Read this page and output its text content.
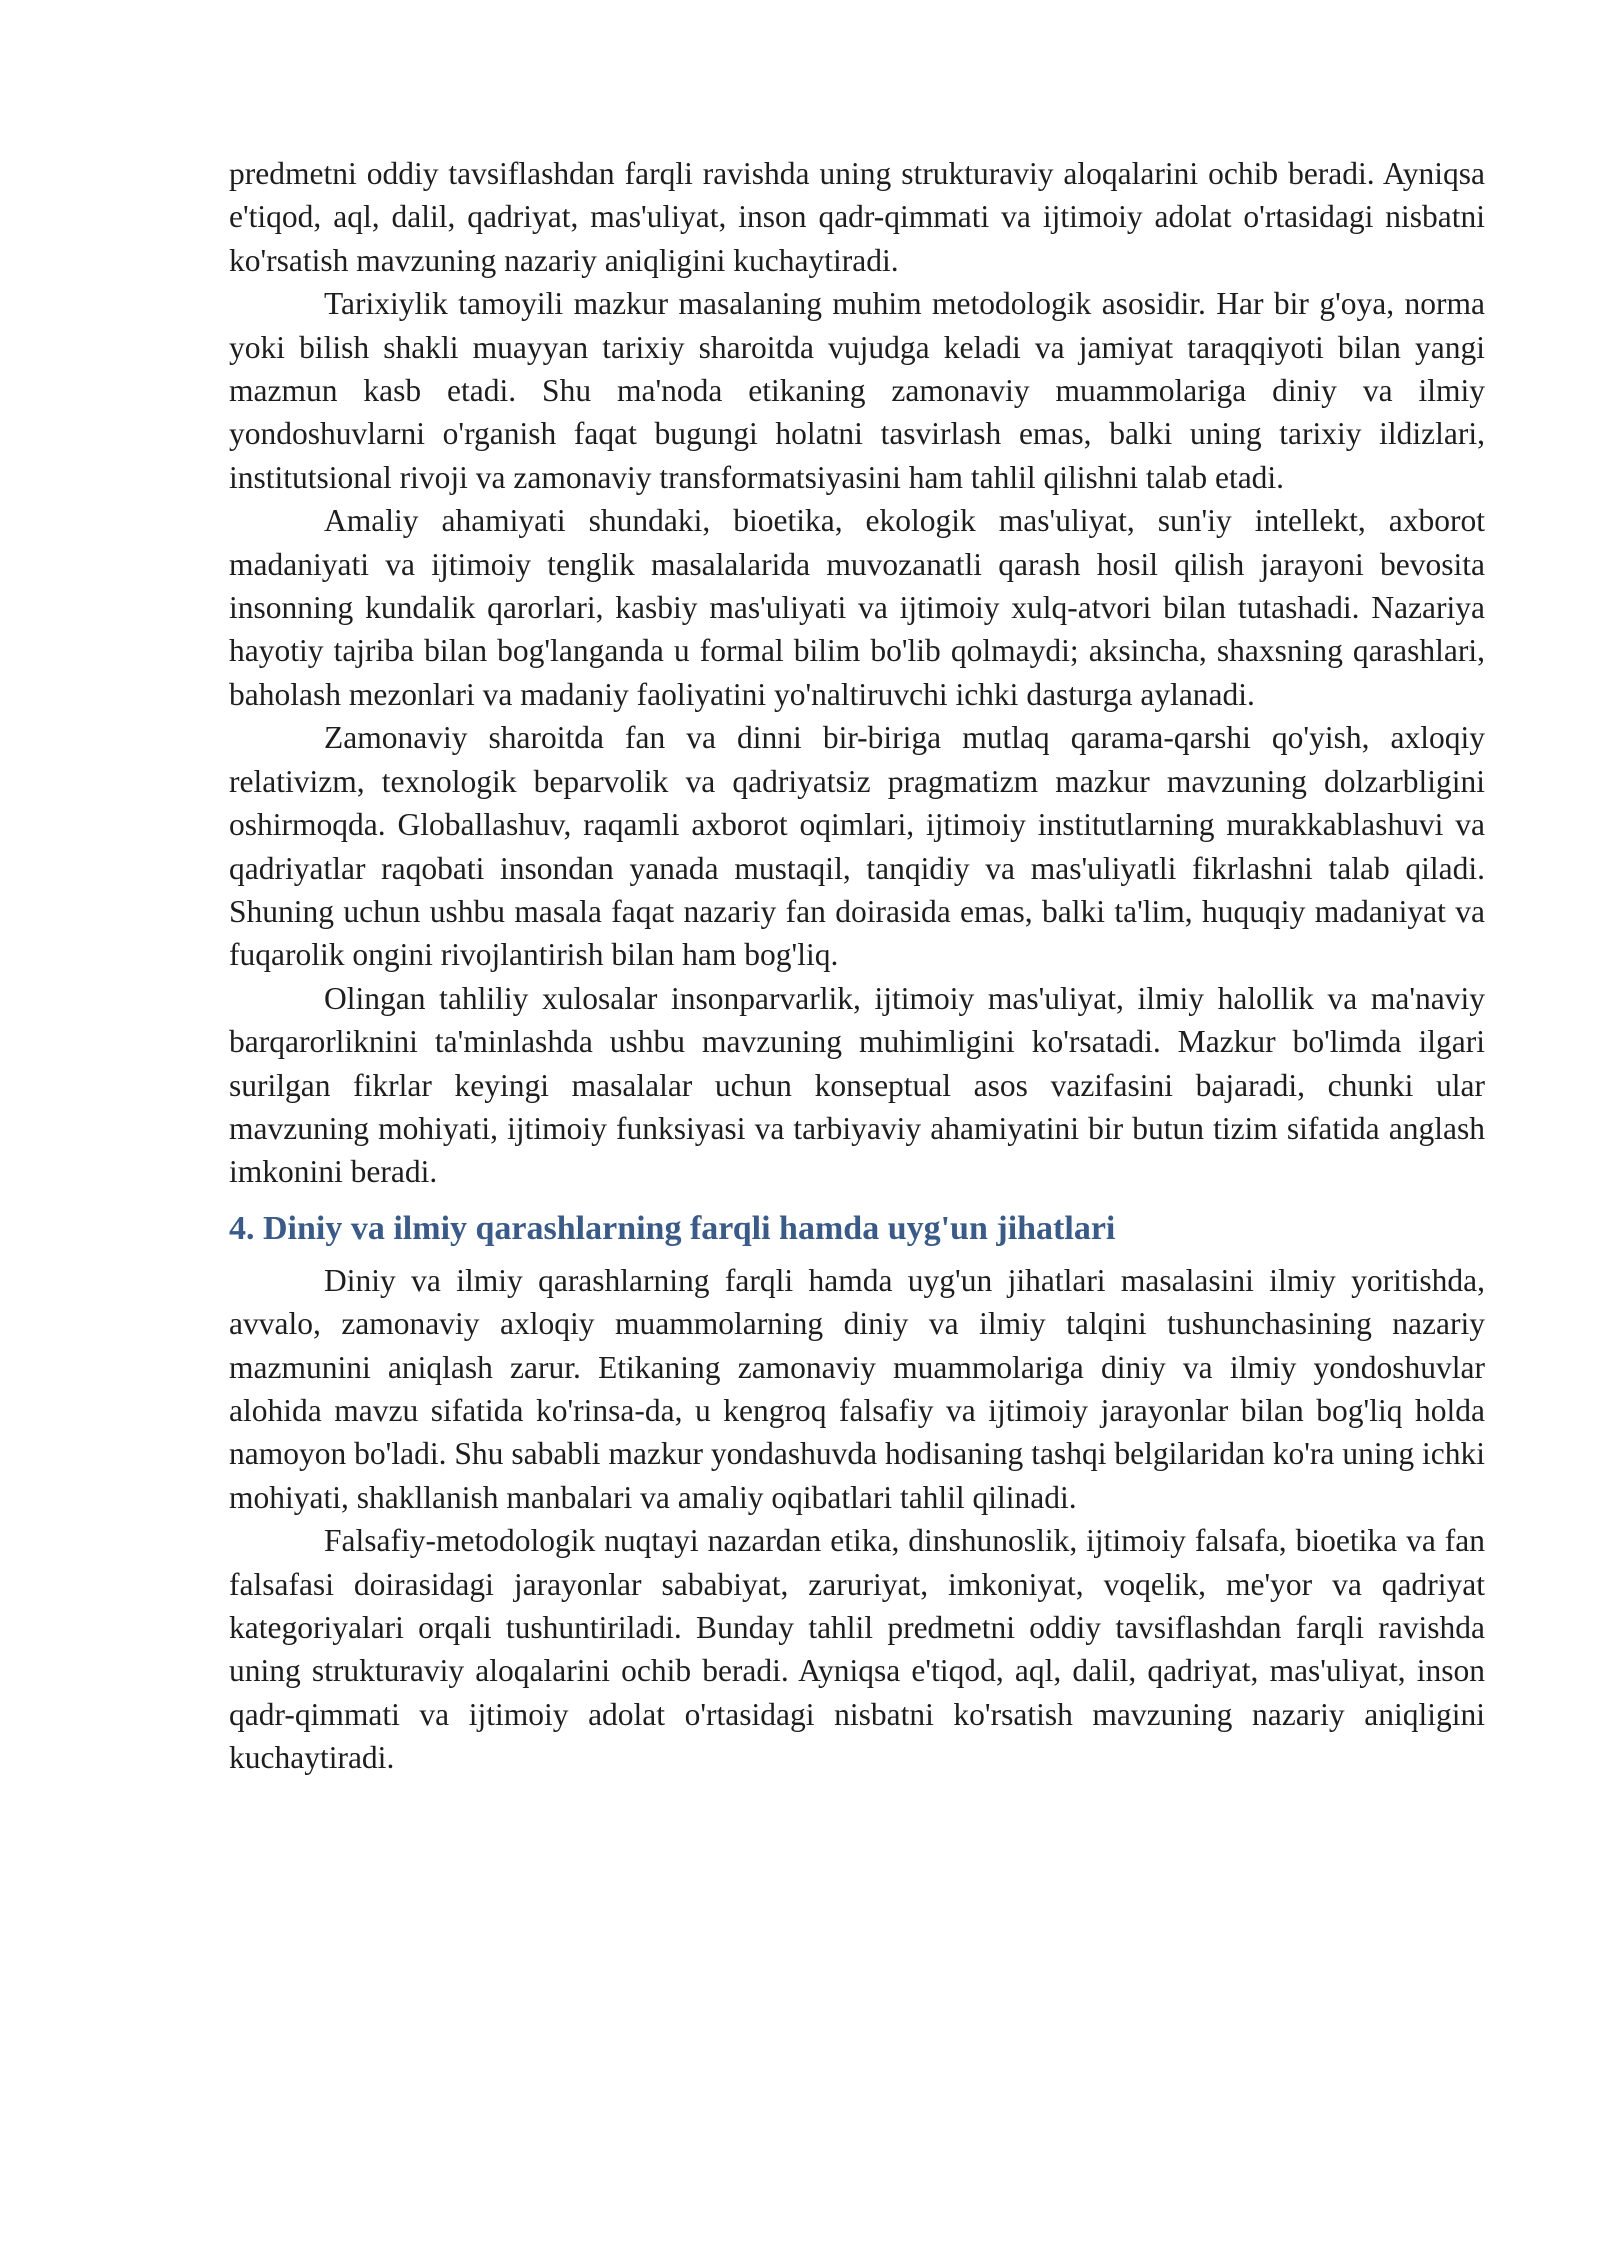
predmetni oddiy tavsiflashdan farqli ravishda uning strukturaviy aloqalarini ochib beradi. Ayniqsa e'tiqod, aql, dalil, qadriyat, mas'uliyat, inson qadr-qimmati va ijtimoiy adolat o'rtasidagi nisbatni ko'rsatish mavzuning nazariy aniqligini kuchaytiradi.

Tarixiylik tamoyili mazkur masalaning muhim metodologik asosidir. Har bir g'oya, norma yoki bilish shakli muayyan tarixiy sharoitda vujudga keladi va jamiyat taraqqiyoti bilan yangi mazmun kasb etadi. Shu ma'noda etikaning zamonaviy muammolariga diniy va ilmiy yondoshuvlarni o'rganish faqat bugungi holatni tasvirlash emas, balki uning tarixiy ildizlari, institutsional rivoji va zamonaviy transformatsiyasini ham tahlil qilishni talab etadi.

Amaliy ahamiyati shundaki, bioetika, ekologik mas'uliyat, sun'iy intellekt, axborot madaniyati va ijtimoiy tenglik masalalarida muvozanatli qarash hosil qilish jarayoni bevosita insonning kundalik qarorlari, kasbiy mas'uliyati va ijtimoiy xulq-atvori bilan tutashadi. Nazariya hayotiy tajriba bilan bog'langanda u formal bilim bo'lib qolmaydi; aksincha, shaxsning qarashlari, baholash mezonlari va madaniy faoliyatini yo'naltiruvchi ichki dasturga aylanadi.

Zamonaviy sharoitda fan va dinni bir-biriga mutlaq qarama-qarshi qo'yish, axloqiy relativizm, texnologik beparvolik va qadriyatsiz pragmatizm mazkur mavzuning dolzarbligini oshirmoqda. Globallashuv, raqamli axborot oqimlari, ijtimoiy institutlarning murakkablashuvi va qadriyatlar raqobati insondan yanada mustaqil, tanqidiy va mas'uliyatli fikrlashni talab qiladi. Shuning uchun ushbu masala faqat nazariy fan doirasida emas, balki ta'lim, huquqiy madaniyat va fuqarolik ongini rivojlantirish bilan ham bog'liq.

Olingan tahliliy xulosalar insonparvarlik, ijtimoiy mas'uliyat, ilmiy halollik va ma'naviy barqarorliknini ta'minlashda ushbu mavzuning muhimligini ko'rsatadi. Mazkur bo'limda ilgari surilgan fikrlar keyingi masalalar uchun konseptual asos vazifasini bajaradi, chunki ular mavzuning mohiyati, ijtimoiy funksiyasi va tarbiyaviy ahamiyatini bir butun tizim sifatida anglash imkonini beradi.

4. Diniy va ilmiy qarashlarning farqli hamda uyg'un jihatlari

Diniy va ilmiy qarashlarning farqli hamda uyg'un jihatlari masalasini ilmiy yoritishda, avvalo, zamonaviy axloqiy muammolarning diniy va ilmiy talqini tushunchasining nazariy mazmunini aniqlash zarur. Etikaning zamonaviy muammolariga diniy va ilmiy yondoshuvlar alohida mavzu sifatida ko'rinsa-da, u kengroq falsafiy va ijtimoiy jarayonlar bilan bog'liq holda namoyon bo'ladi. Shu sababli mazkur yondashuvda hodisaning tashqi belgilaridan ko'ra uning ichki mohiyati, shakllanish manbalari va amaliy oqibatlari tahlil qilinadi.

Falsafiy-metodologik nuqtayi nazardan etika, dinshunoslik, ijtimoiy falsafa, bioetika va fan falsafasi doirasidagi jarayonlar sababiyat, zaruriyat, imkoniyat, voqelik, me'yor va qadriyat kategoriyalari orqali tushuntiriladi. Bunday tahlil predmetni oddiy tavsiflashdan farqli ravishda uning strukturaviy aloqalarini ochib beradi. Ayniqsa e'tiqod, aql, dalil, qadriyat, mas'uliyat, inson qadr-qimmati va ijtimoiy adolat o'rtasidagi nisbatni ko'rsatish mavzuning nazariy aniqligini kuchaytiradi.
